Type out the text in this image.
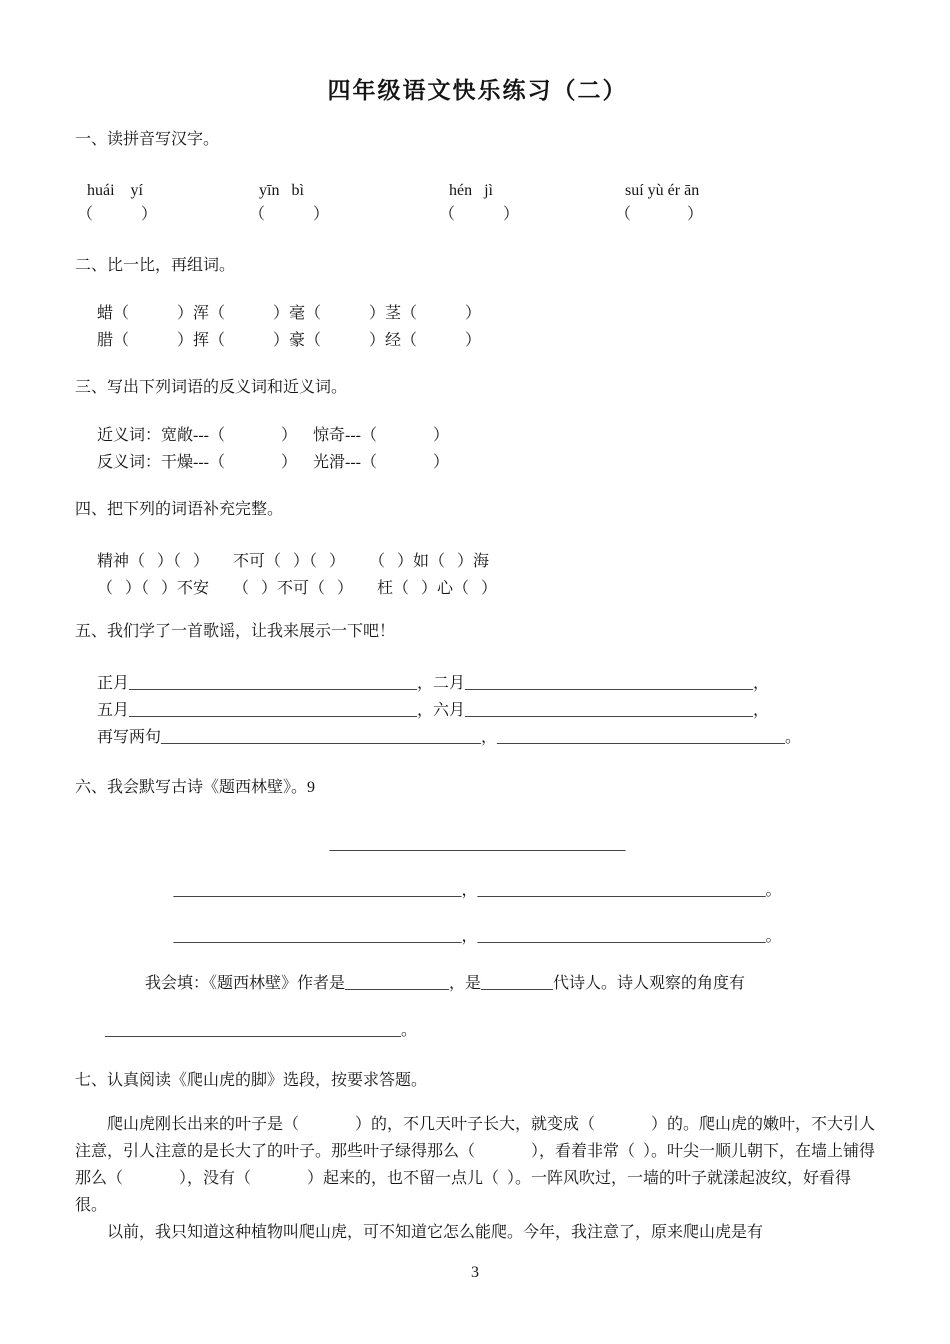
四年级语文快乐练习（二）
一、读拼音写汉字。
huái    yí	yīn   bì	hén   jì	suí yù ér ān
（            ）	（            ）	（            ）	（              ）
二、比一比，再组词。
蜡（            ）浑（            ）毫（            ）茎（            ）
腊（            ）挥（            ）豪（            ）经（            ）
三、写出下列词语的反义词和近义词。
近义词：宽敞---（              ）    惊奇---（              ）
反义词：干燥---（              ）    光滑---（              ）
四、把下列的词语补充完整。
精神（   ）（   ）      不可（   ）（   ）      （   ）如（   ）海
（   ）（   ）不安      （   ）不可（   ）      枉（   ）心（   ）
五、我们学了一首歌谣，让我来展示一下吧！
正月____________________________________，二月____________________________________，
五月____________________________________，六月____________________________________，
再写两句________________________________________，____________________________________。
六、我会默写古诗《题西林壁》。9
_____________________________________
____________________________________，____________________________________。
____________________________________，____________________________________。
我会填：《题西林壁》作者是_____________，是_________代诗人。诗人观察的角度有
_____________________________________。
七、认真阅读《爬山虎的脚》选段，按要求答题。
爬山虎刚长出来的叶子是（              ）的，不几天叶子长大，就变成（              ）的。爬山虎的嫩叶，不大引人注意，引人注意的是长大了的叶子。那些叶子绿得那么（              ），看着非常（  ）。叶尖一顺儿朝下，在墙上铺得那么（              ），没有（              ）起来的，也不留一点儿（  ）。一阵风吹过，一墙的叶子就漾起波纹，好看得很。
以前，我只知道这种植物叫爬山虎，可不知道它怎么能爬。今年，我注意了，原来爬山虎是有
3
